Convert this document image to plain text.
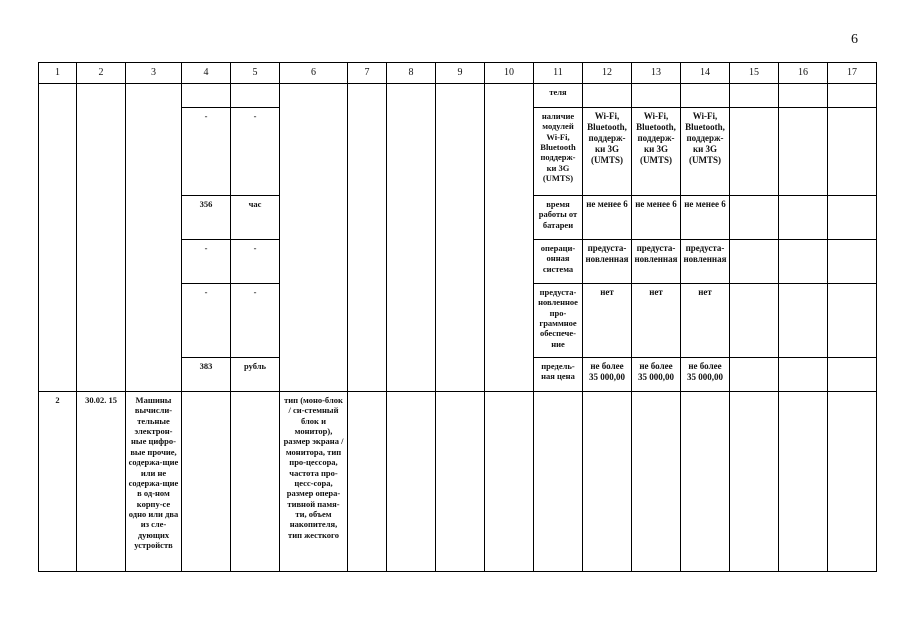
6
1	2	3	4	5	6	7	8	9	10	11	12	13	14	15	16	17
										теля						
			-	-						наличие модулей Wi-Fi, Bluetooth поддерж-ки 3G (UMTS)	Wi-Fi, Bluetooth, поддерж-ки 3G (UMTS)	Wi-Fi, Bluetooth, поддерж-ки 3G (UMTS)	Wi-Fi, Bluetooth, поддерж-ки 3G (UMTS)			
			356	час						время работы от батареи	не менее 6	не менее 6	не менее 6			
			-	-						операци-онная система	предуста-новленная	предуста-новленная	предуста-новленная			
			-	-						предуста-новленное про-граммное обеспече-ние	нет	нет	нет			
			383	рубль						предель-ная цена	не более 35 000,00	не более 35 000,00	не более 35 000,00			
2	30.02. 15	Машины вычисли-тельные электрон-ные цифро-вые прочие, содержа-щие или не содержа-щие в од-ном корпу-се одно или два из сле-дующих устройств			тип (моно-блок / си-стемный блок и монитор), размер экрана / монитора, тип про-цессора, частота про-цесс-сора, размер опера-тивной памя-ти, объем накопителя, тип жесткого											
